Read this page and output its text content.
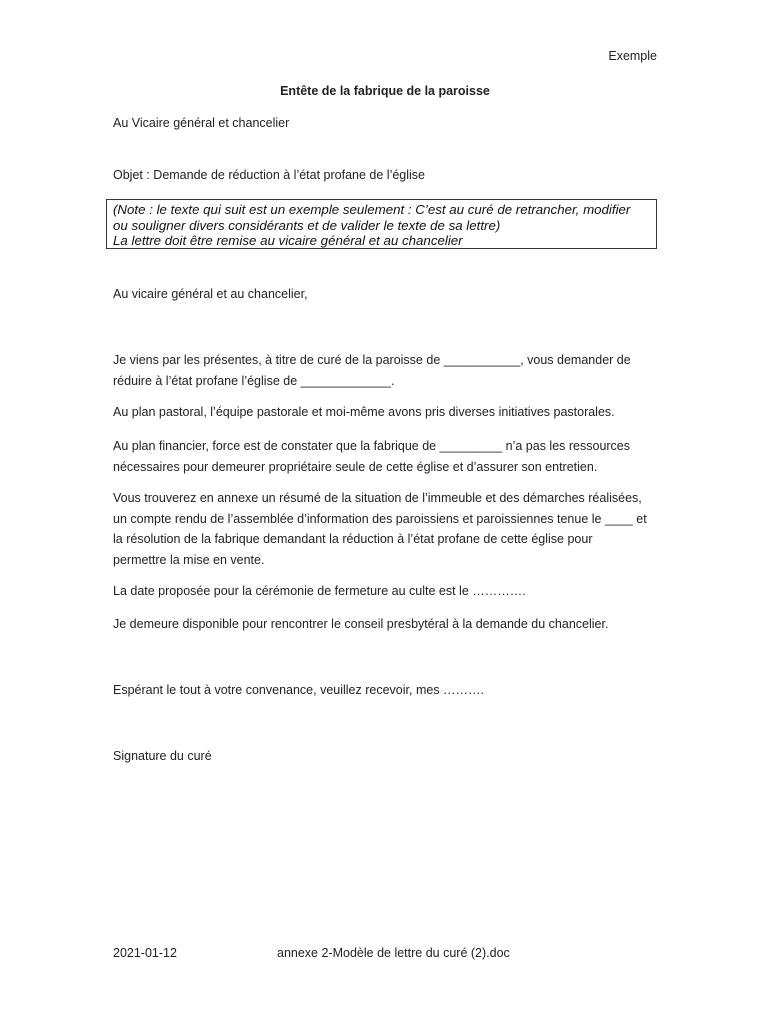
Exemple
Entête de la fabrique de la paroisse
Au Vicaire général et chancelier
Objet : Demande de réduction à l’état profane de l’église
(Note : le texte qui suit est un exemple seulement : C’est au curé de retrancher, modifier
ou souligner divers considérants et de valider le texte de sa lettre)
La lettre doit être remise au vicaire général et au chancelier
Au vicaire général et au chancelier,
Je viens par les présentes, à titre de curé de la paroisse de ___________, vous demander de
réduire à l’état profane l’église de _____________.
Au plan pastoral, l’équipe pastorale et moi-même avons pris diverses initiatives pastorales.
Au plan financier, force est de constater que la fabrique de _________ n’a pas les ressources
nécessaires pour demeurer propriétaire seule de cette église et d’assurer son entretien.
Vous trouverez en annexe un résumé de la situation de l’immeuble et des démarches réalisées,
un compte rendu de l’assemblée d’information des paroissiens et paroissiennes tenue le ____ et
la résolution de la fabrique demandant la réduction à l’état profane de cette église pour
permettre la mise en vente.
La date proposée pour la cérémonie de fermeture au culte est le ………….
Je demeure disponible pour rencontrer le conseil presbytéral à la demande du chancelier.
Espérant le tout à votre convenance, veuillez recevoir, mes ……….
Signature du curé
2021-01-12	annexe 2-Modèle de lettre du curé (2).doc
